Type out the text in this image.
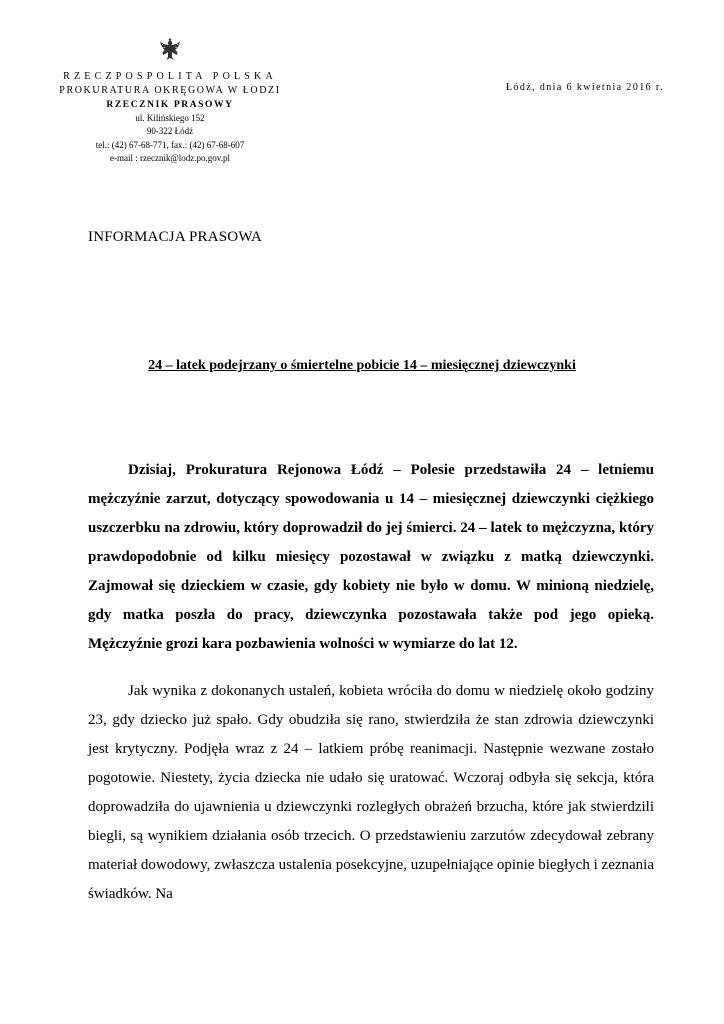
RZECZPOSPOLITA POLSKA
PROKURATURA OKRĘGOWA W ŁODZI
RZECZNIK PRASOWY
ul. Kilińskiego 152
90-322 Łódź
tel.: (42) 67-68-771, fax.: (42) 67-68-607
e-mail : rzecznik@lodz.po.gov.pl
Łódź, dnia 6 kwietnia 2016 r.
INFORMACJA PRASOWA
24 – latek podejrzany o śmiertelne pobicie 14 – miesięcznej dziewczynki

Dzisiaj, Prokuratura Rejonowa Łódź – Polesie przedstawiła 24 – letniemu mężczyźnie zarzut, dotyczący spowodowania u 14 – miesięcznej dziewczynki ciężkiego uszczerbku na zdrowiu, który doprowadził do jej śmierci. 24 – latek to mężczyzna, który prawdopodobnie od kilku miesięcy pozostawał w związku z matką dziewczynki. Zajmował się dzieckiem w czasie, gdy kobiety nie było w domu. W minioną niedzielę, gdy matka poszła do pracy, dziewczynka pozostawała także pod jego opieką. Mężczyźnie grozi kara pozbawienia wolności w wymiarze do lat 12.

Jak wynika z dokonanych ustaleń, kobieta wróciła do domu w niedzielę około godziny 23, gdy dziecko już spało. Gdy obudziła się rano, stwierdziła że stan zdrowia dziewczynki jest krytyczny. Podjęła wraz z 24 – latkiem próbę reanimacji. Następnie wezwane zostało pogotowie. Niestety, życia dziecka nie udało się uratować. Wczoraj odbyła się sekcja, która doprowadziła do ujawnienia u dziewczynki rozległych obrażeń brzucha, które jak stwierdzili biegli, są wynikiem działania osób trzecich. O przedstawieniu zarzutów zdecydował zebrany materiał dowodowy, zwłaszcza ustalenia posekcyjne, uzupełniające opinie biegłych i zeznania świadków. Na
